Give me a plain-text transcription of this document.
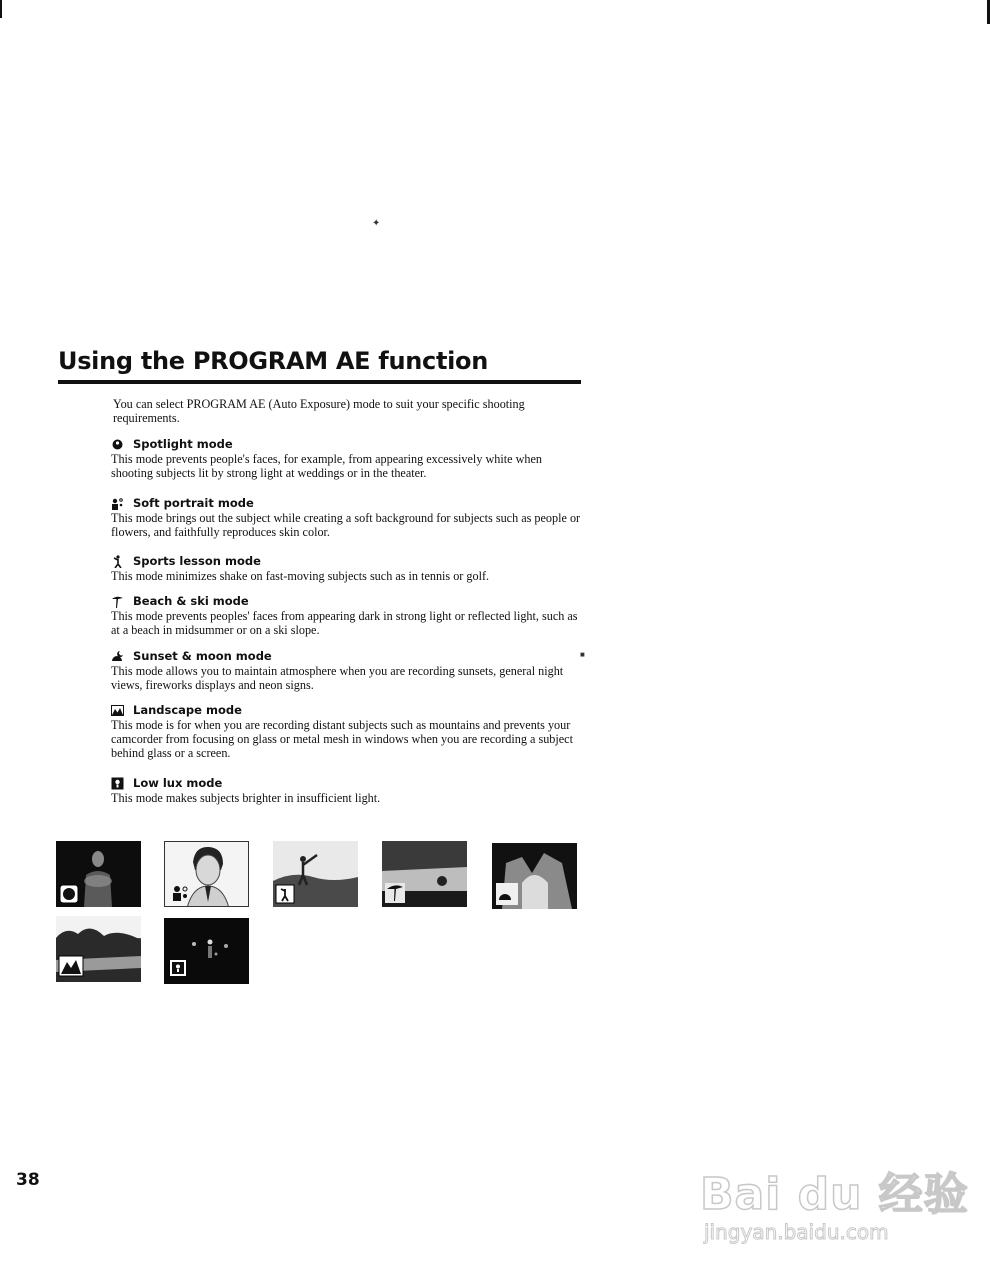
✦
■
Using the PROGRAM AE function
You can select PROGRAM AE (Auto Exposure) mode to suit your specific shooting requirements.
Spotlight mode
This mode prevents people's faces, for example, from appearing excessively white when shooting subjects lit by strong light at weddings or in the theater.
Soft portrait mode
This mode brings out the subject while creating a soft background for subjects such as people or flowers, and faithfully reproduces skin color.
Sports lesson mode
This mode minimizes shake on fast-moving subjects such as in tennis or golf.
Beach & ski mode
This mode prevents peoples' faces from appearing dark in strong light or reflected light, such as at a beach in midsummer or on a ski slope.
Sunset & moon mode
This mode allows you to maintain atmosphere when you are recording sunsets, general night views, fireworks displays and neon signs.
Landscape mode
This mode is for when you are recording distant subjects such as mountains and prevents your camcorder from focusing on glass or metal mesh in windows when you are recording a subject behind glass or a screen.
Low lux mode
This mode makes subjects brighter in insufficient light.
38	Bai du 经验
jingyan.baidu.com
